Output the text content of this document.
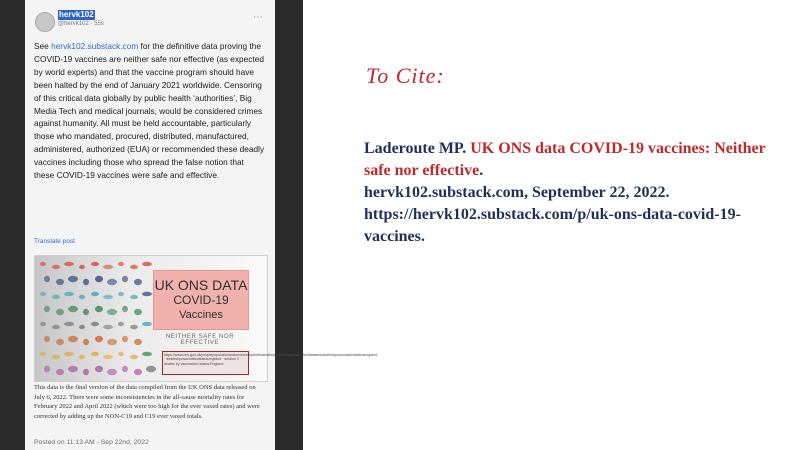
hervk102
@hervk102 · 55s
⋯
See hervk102.substack.com for the definitive data proving the COVID-19 vaccines are neither safe nor effective (as expected by world experts) and that the vaccine program should have been halted by the end of January 2021 worldwide. Censoring of this critical data globally by public health ‘authorities’, Big Media Tech and medical journals, would be considered crimes against humanity. All must be held accountable, particularly those who mandated, procured, distributed, manufactured, administered, authorized (EUA) or recommended these deadly vaccines including those who spread the false notion that these COVID-19 vaccines were safe and effective.
Translate post
UK ONS DATA
COVID-19
Vaccines
NEITHER SAFE NOR EFFECTIVE
https://www.ons.gov.uk/peoplepopulationandcommunity/birthsdeathsandmarriages/deaths/datasets/deathsbyvaccinationstatusengland · deathsbyvaccinationstatusengland · section 3 deaths by vaccination status England
This data is the final version of the data compiled from the UK ONS data released on July 6, 2022. There were some inconsistencies in the all-cause mortality rates for February 2022 and April 2022 (which were too high for the ever vaxed rates) and were corrected by adding up the NON-C19 and C19 ever vaxed totals.
Posted on 11:13 AM - Sep 22nd, 2022
To Cite:
Laderoute MP. UK ONS data COVID-19 vaccines: Neither safe nor effective.
hervk102.substack.com, September 22, 2022.
https://hervk102.substack.com/p/uk-ons-data-covid-19-vaccines.
